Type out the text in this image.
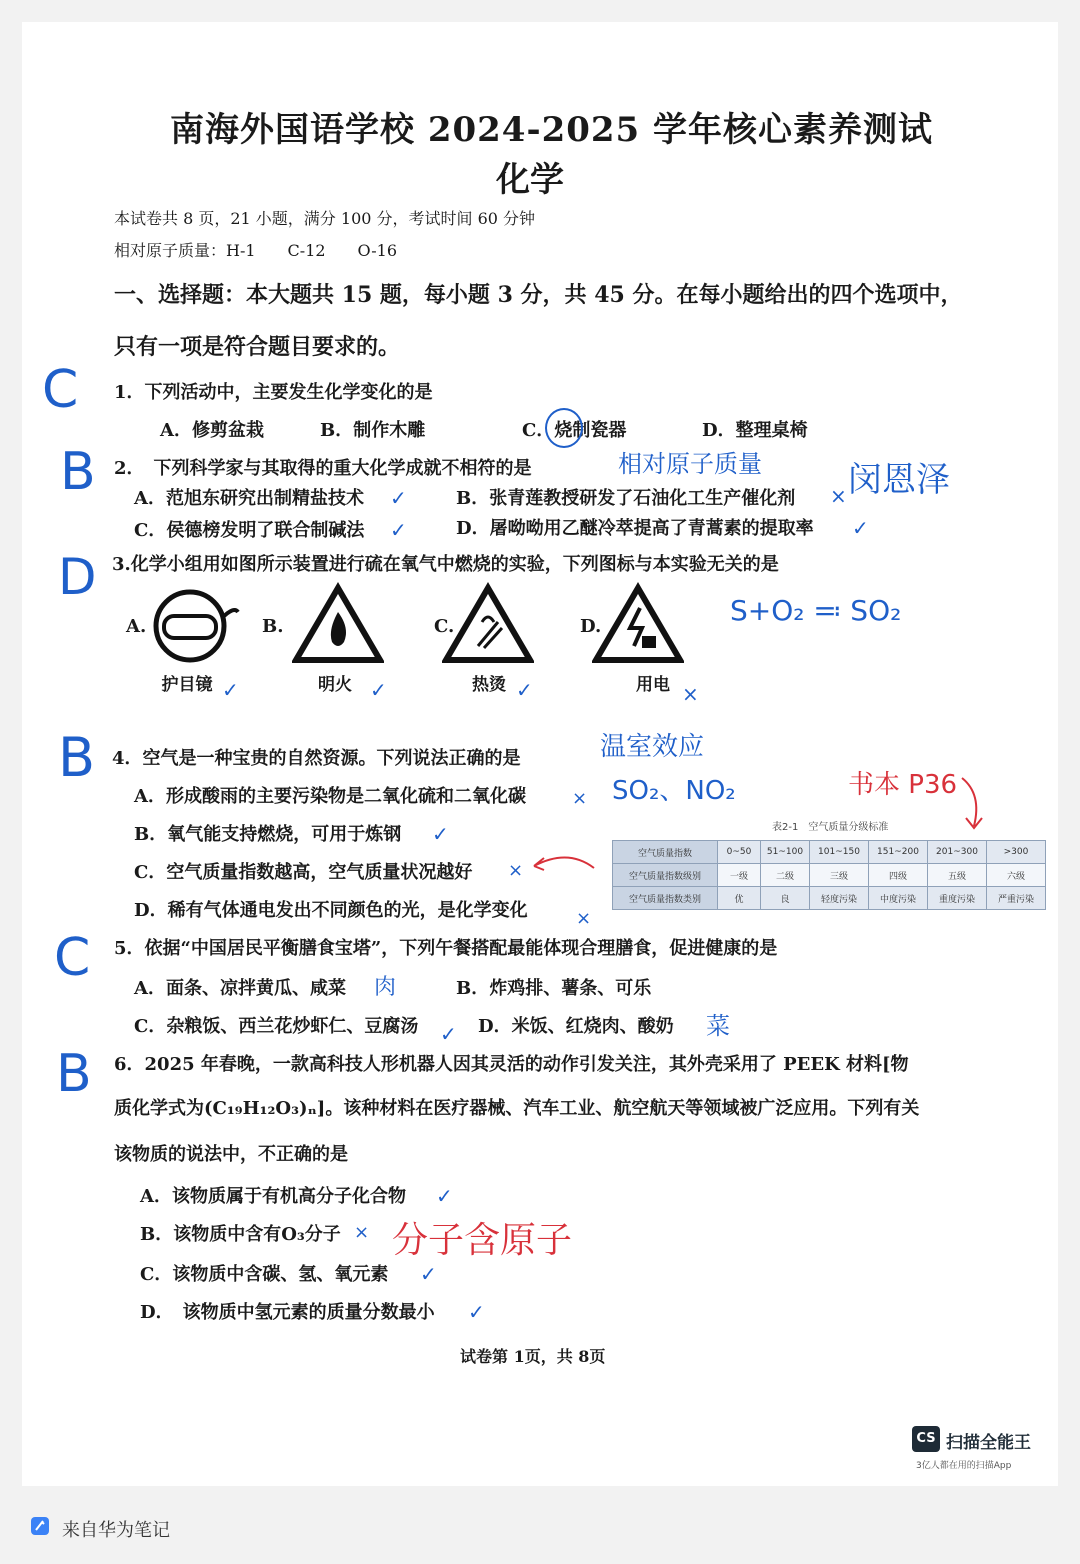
南海外国语学校 2024-2025 学年核心素养测试
化学
本试卷共 8 页，21 小题，满分 100 分，考试时间 60 分钟
相对原子质量：H-1　　C-12　　O-16
一、选择题：本大题共 15 题，每小题 3 分，共 45 分。在每小题给出的四个选项中，
只有一项是符合题目要求的。
C 1．下列活动中，主要发生化学变化的是
A．修剪盆栽	B．制作木雕	C．烧制瓷器	D．整理桌椅
B 2．　下列科学家与其取得的重大化学成就不相符的是	相对原子质量	闵恩泽
A．范旭东研究出制精盐技术 ✓	B．张青莲教授研发了石油化工生产催化剂 ×
C．侯德榜发明了联合制碱法 ✓	D．屠呦呦用乙醚冷萃提高了青蒿素的提取率 ✓
D 3.化学小组用如图所示装置进行硫在氧气中燃烧的实验，下列图标与本实验无关的是
A.	B.	C.	D.	S+O₂ ≕ SO₂
护目镜 ✓	明火 ✓	热烫 ✓	用电 ×
B 4．空气是一种宝贵的自然资源。下列说法正确的是	温室效应
SO₂、NO₂	书本 P36
A．形成酸雨的主要污染物是二氧化硫和二氧化碳	×
B．氧气能支持燃烧，可用于炼钢 ✓
C．空气质量指数越高，空气质量状况越好 ×
D．稀有气体通电发出不同颜色的光，是化学变化	×
表2-1　空气质量分级标准
空气质量指数	0~50	51~100	101~150	151~200	201~300	>300
空气质量指数级别	一级	二级	三级	四级	五级	六级
空气质量指数类别	优	良	轻度污染	中度污染	重度污染	严重污染
C 5．依据“中国居民平衡膳食宝塔”，下列午餐搭配最能体现合理膳食，促进健康的是
A．面条、凉拌黄瓜、咸菜 肉	B．炸鸡排、薯条、可乐
C．杂粮饭、西兰花炒虾仁、豆腐汤 ✓ D．米饭、红烧肉、酸奶 菜
B 6．2025 年春晚，一款高科技人形机器人因其灵活的动作引发关注，其外壳采用了 PEEK 材料[物
质化学式为(C₁₉H₁₂O₃)ₙ]。该种材料在医疗器械、汽车工业、航空航天等领域被广泛应用。下列有关
该物质的说法中，不正确的是
A．该物质属于有机高分子化合物 ✓
B．该物质中含有O₃分子 × 分子含原子
C．该物质中含碳、氢、氧元素 ✓
D．　该物质中氢元素的质量分数最小 ✓
试卷第 1页，共 8页
CS 扫描全能王
3亿人都在用的扫描App
来自华为笔记
